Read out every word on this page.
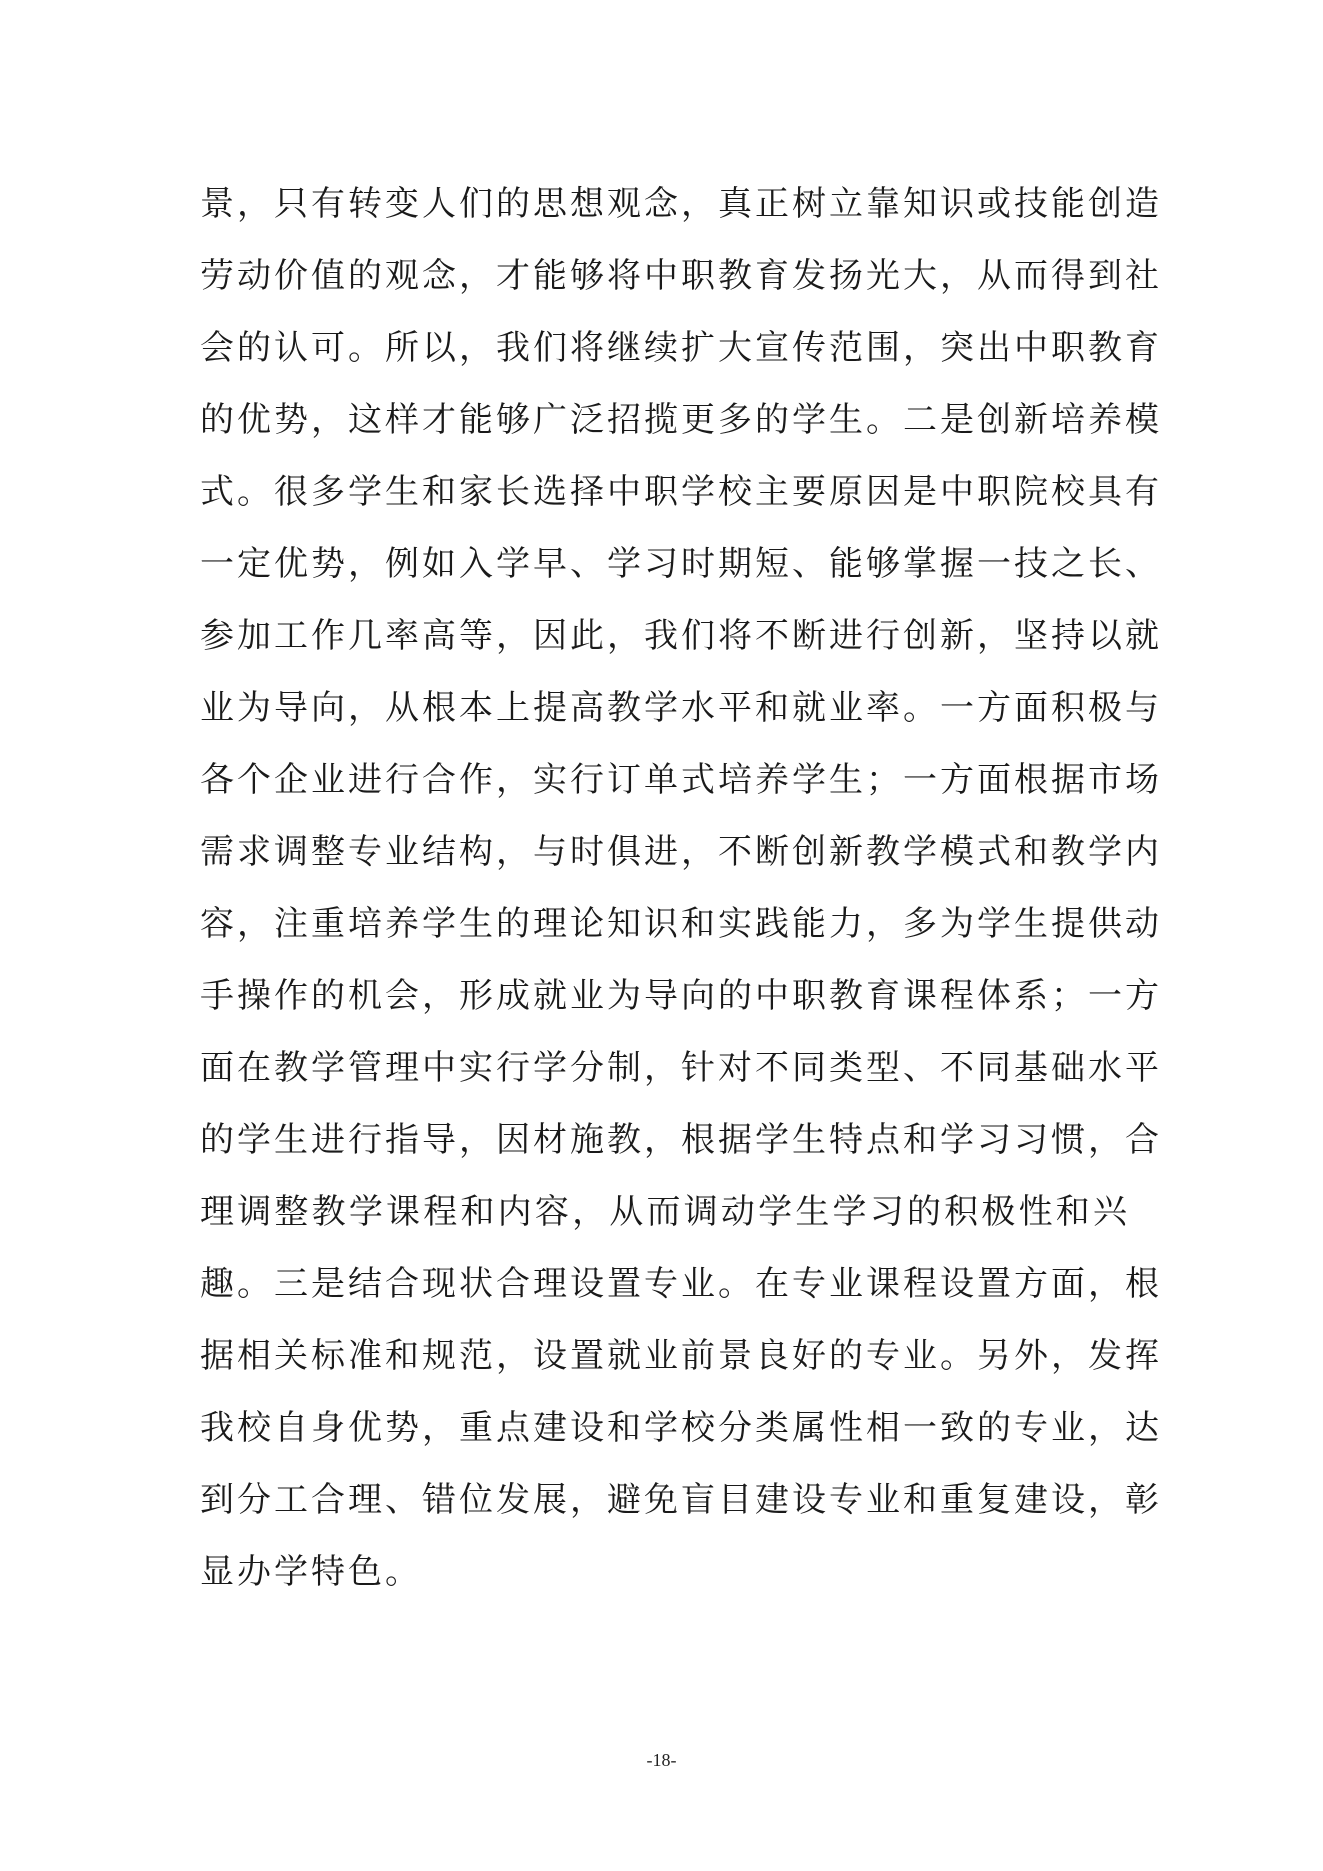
景，只有转变人们的思想观念，真正树立靠知识或技能创造
劳动价值的观念，才能够将中职教育发扬光大，从而得到社
会的认可。所以，我们将继续扩大宣传范围，突出中职教育
的优势，这样才能够广泛招揽更多的学生。二是创新培养模
式。很多学生和家长选择中职学校主要原因是中职院校具有
一定优势，例如入学早、学习时期短、能够掌握一技之长、
参加工作几率高等，因此，我们将不断进行创新，坚持以就
业为导向，从根本上提高教学水平和就业率。一方面积极与
各个企业进行合作，实行订单式培养学生；一方面根据市场
需求调整专业结构，与时俱进，不断创新教学模式和教学内
容，注重培养学生的理论知识和实践能力，多为学生提供动
手操作的机会，形成就业为导向的中职教育课程体系；一方
面在教学管理中实行学分制，针对不同类型、不同基础水平
的学生进行指导，因材施教，根据学生特点和学习习惯，合
理调整教学课程和内容，从而调动学生学习的积极性和兴
趣。三是结合现状合理设置专业。在专业课程设置方面，根
据相关标准和规范，设置就业前景良好的专业。另外，发挥
我校自身优势，重点建设和学校分类属性相一致的专业，达
到分工合理、错位发展，避免盲目建设专业和重复建设，彰
显办学特色。
-18-
